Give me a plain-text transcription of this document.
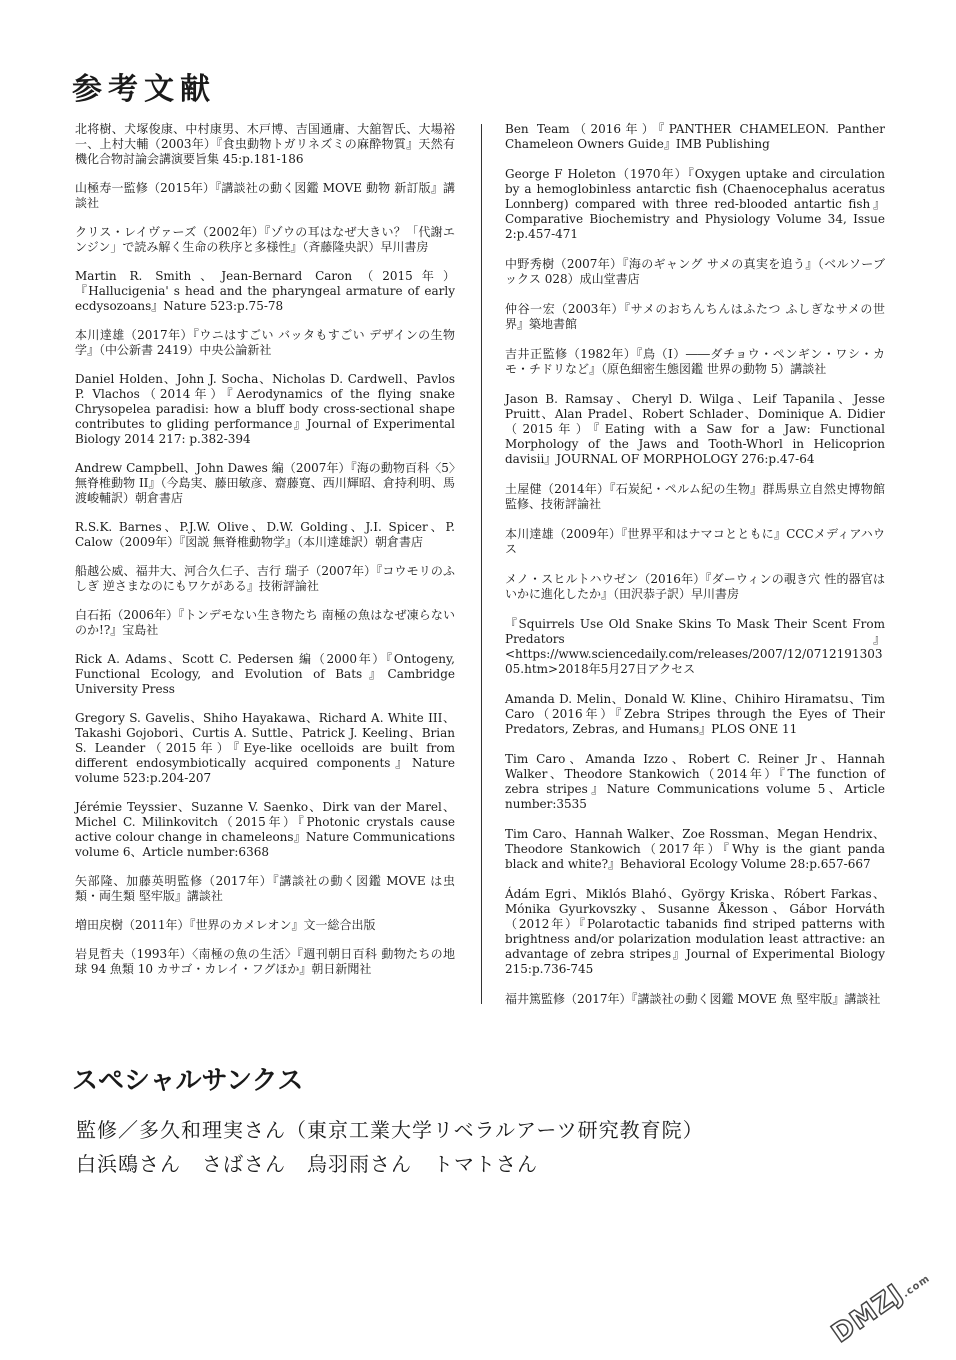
参考文献

北将樹、犬塚俊康、中村康男、木戸博、吉国通庸、大舘智氏、大場裕一、上村大輔（2003年）『食虫動物トガリネズミの麻酔物質』天然有機化合物討論会講演要旨集 45:p.181-186

山極寿一監修（2015年）『講談社の動く図鑑 MOVE 動物 新訂版』講談社

クリス・レイヴァーズ（2002年）『ゾウの耳はなぜ大きい？「代謝エンジン」で読み解く生命の秩序と多様性』（斉藤隆央訳）早川書房

Martin R. Smith、Jean-Bernard Caron（2015年）『Hallucigenia' s head and the pharyngeal armature of early ecdysozoans』Nature 523:p.75-78

本川達雄（2017年）『ウニはすごい バッタもすごい デザインの生物学』（中公新書 2419）中央公論新社

Daniel Holden、John J. Socha、Nicholas D. Cardwell、Pavlos P. Vlachos（2014年）『Aerodynamics of the flying snake Chrysopelea paradisi: how a bluff body cross-sectional shape contributes to gliding performance』Journal of Experimental Biology 2014 217: p.382-394

Andrew Campbell、John Dawes 編（2007年）『海の動物百科〈5〉無脊椎動物 II』（今島実、藤田敏彦、齋藤寛、西川輝昭、倉持利明、馬渡峻輔訳）朝倉書店

R.S.K. Barnes、P.J.W. Olive、D.W. Golding、J.I. Spicer、P. Calow（2009年）『図説 無脊椎動物学』（本川達雄訳）朝倉書店

船越公威、福井大、河合久仁子、吉行 瑞子（2007年）『コウモリのふしぎ 逆さまなのにもワケがある』技術評論社

白石拓（2006年）『トンデモない生き物たち 南極の魚はなぜ凍らないのか!?』宝島社

Rick A. Adams、Scott C. Pedersen 編（2000年）『Ontogeny, Functional Ecology, and Evolution of Bats』Cambridge University Press

Gregory S. Gavelis、Shiho Hayakawa、Richard A. White III、Takashi Gojobori、Curtis A. Suttle、Patrick J. Keeling、Brian S. Leander（2015年）『Eye-like ocelloids are built from different endosymbiotically acquired components』Nature volume 523:p.204-207

Jérémie Teyssier、Suzanne V. Saenko、Dirk van der Marel、Michel C. Milinkovitch（2015年）『Photonic crystals cause active colour change in chameleons』Nature Communications volume 6、Article number:6368

矢部隆、加藤英明監修（2017年）『講談社の動く図鑑 MOVE は虫類・両生類 堅牢版』講談社

増田戻樹（2011年）『世界のカメレオン』文一総合出版

岩見哲夫（1993年）〈南極の魚の生活〉『週刊朝日百科 動物たちの地球 94 魚類 10 カサゴ・カレイ・フグほか』朝日新聞社

Ben Team（2016年）『PANTHER CHAMELEON. Panther Chameleon Owners Guide』IMB Publishing

George F Holeton（1970年）『Oxygen uptake and circulation by a hemoglobinless antarctic fish (Chaenocephalus aceratus Lonnberg) compared with three red-blooded antartic fish』Comparative Biochemistry and Physiology Volume 34, Issue 2:p.457-471

中野秀樹（2007年）『海のギャング サメの真実を追う』（ベルソーブックス 028）成山堂書店

仲谷一宏（2003年）『サメのおちんちんはふたつ ふしぎなサメの世界』築地書館

吉井正監修（1982年）『鳥（I）――ダチョウ・ペンギン・ワシ・カモ・チドリなど』（原色細密生態図鑑 世界の動物 5）講談社

Jason B. Ramsay、Cheryl D. Wilga、Leif Tapanila、Jesse Pruitt、Alan Pradel、Robert Schlader、Dominique A. Didier（2015年）『Eating with a Saw for a Jaw: Functional Morphology of the Jaws and Tooth-Whorl in Helicoprion davisii』JOURNAL OF MORPHOLOGY 276:p.47-64

土屋健（2014年）『石炭紀・ペルム紀の生物』群馬県立自然史博物館監修、技術評論社

本川達雄（2009年）『世界平和はナマコとともに』CCCメディアハウス

メノ・スヒルトハウゼン（2016年）『ダーウィンの覗き穴 性的器官はいかに進化したか』（田沢恭子訳）早川書房

『Squirrels Use Old Snake Skins To Mask Their Scent From Predators』<https://www.sciencedaily.com/releases/2007/12/071219130305.htm>2018年5月27日アクセス

Amanda D. Melin、Donald W. Kline、Chihiro Hiramatsu、Tim Caro（2016年）『Zebra Stripes through the Eyes of Their Predators, Zebras, and Humans』PLOS ONE 11

Tim Caro、Amanda Izzo、Robert C. Reiner Jr、Hannah Walker、Theodore Stankowich（2014年）『The function of zebra stripes』Nature Communications volume 5、Article number:3535

Tim Caro、Hannah Walker、Zoe Rossman、Megan Hendrix、Theodore Stankowich（2017年）『Why is the giant panda black and white?』Behavioral Ecology Volume 28:p.657-667

Ádám Egri、Miklós Blahó、György Kriska、Róbert Farkas、Mónika Gyurkovszky、Susanne Åkesson、Gábor Horváth（2012年）『Polarotactic tabanids find striped patterns with brightness and/or polarization modulation least attractive: an advantage of zebra stripes』Journal of Experimental Biology 215:p.736-745

福井篤監修（2017年）『講談社の動く図鑑 MOVE 魚 堅牢版』講談社

スペシャルサンクス

監修／多久和理実さん（東京工業大学リベラルアーツ研究教育院）

白浜鴎さん　さばさん　烏羽雨さん　トマトさん

DMZJ.com
